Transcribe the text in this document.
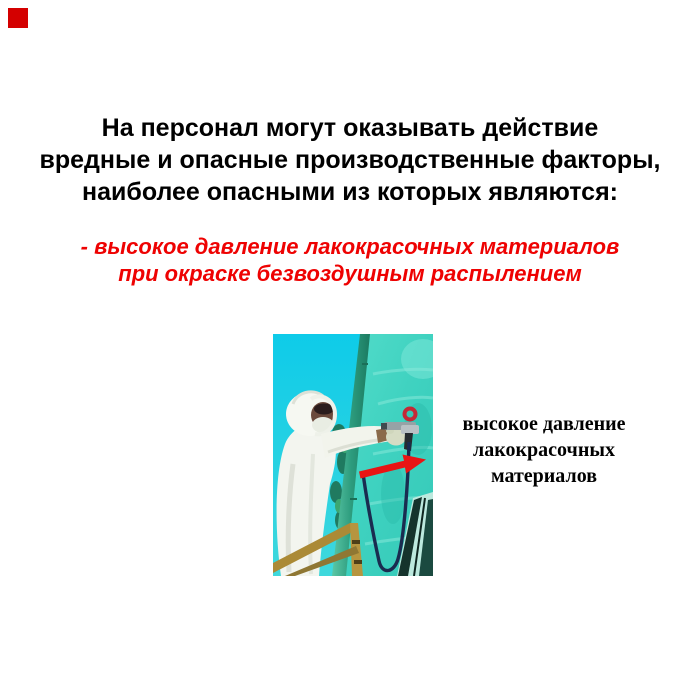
На персонал могут оказывать действие
вредные и опасные производственные факторы,
наиболее опасными из которых являются:
- высокое давление лакокрасочных материалов
при окраске безвоздушным распылением
высокое давление
лакокрасочных
материалов
